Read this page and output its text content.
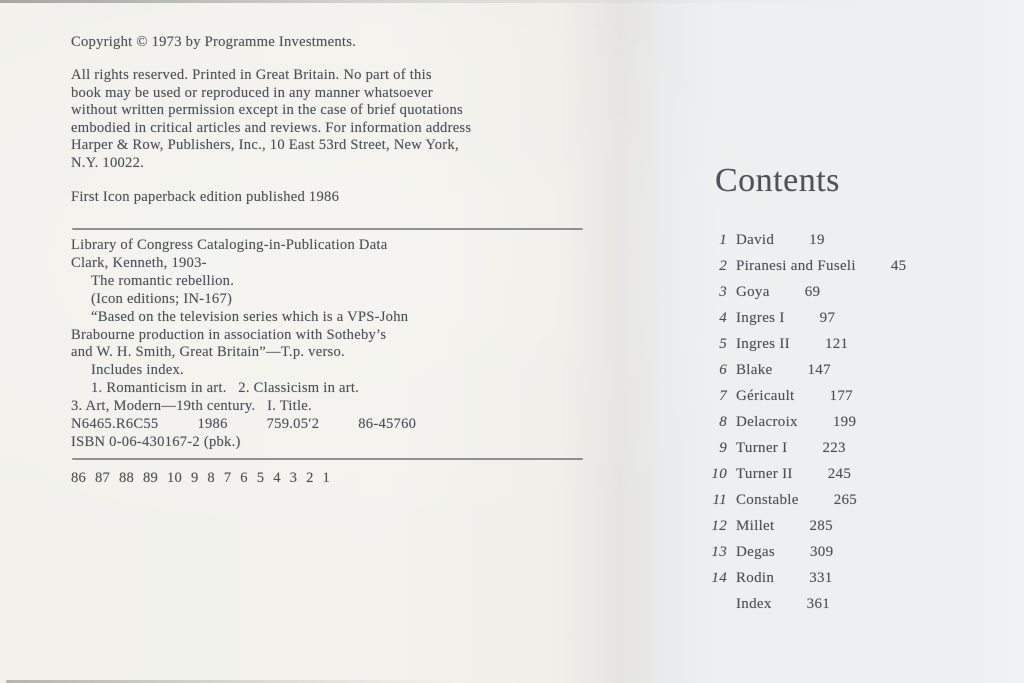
Copyright © 1973 by Programme Investments.
All rights reserved. Printed in Great Britain. No part of this
book may be used or reproduced in any manner whatsoever
without written permission except in the case of brief quotations
embodied in critical articles and reviews. For information address
Harper & Row, Publishers, Inc., 10 East 53rd Street, New York,
N.Y. 10022.
First Icon paperback edition published 1986
Library of Congress Cataloging-in-Publication Data
Clark, Kenneth, 1903-
The romantic rebellion.
(Icon editions; IN-167)
“Based on the television series which is a VPS-John
Brabourne production in association with Sotheby’s
and W. H. Smith, Great Britain”—T.p. verso.
Includes index.
1. Romanticism in art.   2. Classicism in art.
3. Art, Modern—19th century.   I. Title.
N6465.R6C55          1986          759.05′2          86-45760
ISBN 0-06-430167-2 (pbk.)
86 87 88 89 10 9 8 7 6 5 4 3 2 1
Contents
1 David 19
2 Piranesi and Fuseli 45
3 Goya 69
4 Ingres I 97
5 Ingres II 121
6 Blake 147
7 Géricault 177
8 Delacroix 199
9 Turner I 223
10 Turner II 245
11 Constable 265
12 Millet 285
13 Degas 309
14 Rodin 331
Index 361
